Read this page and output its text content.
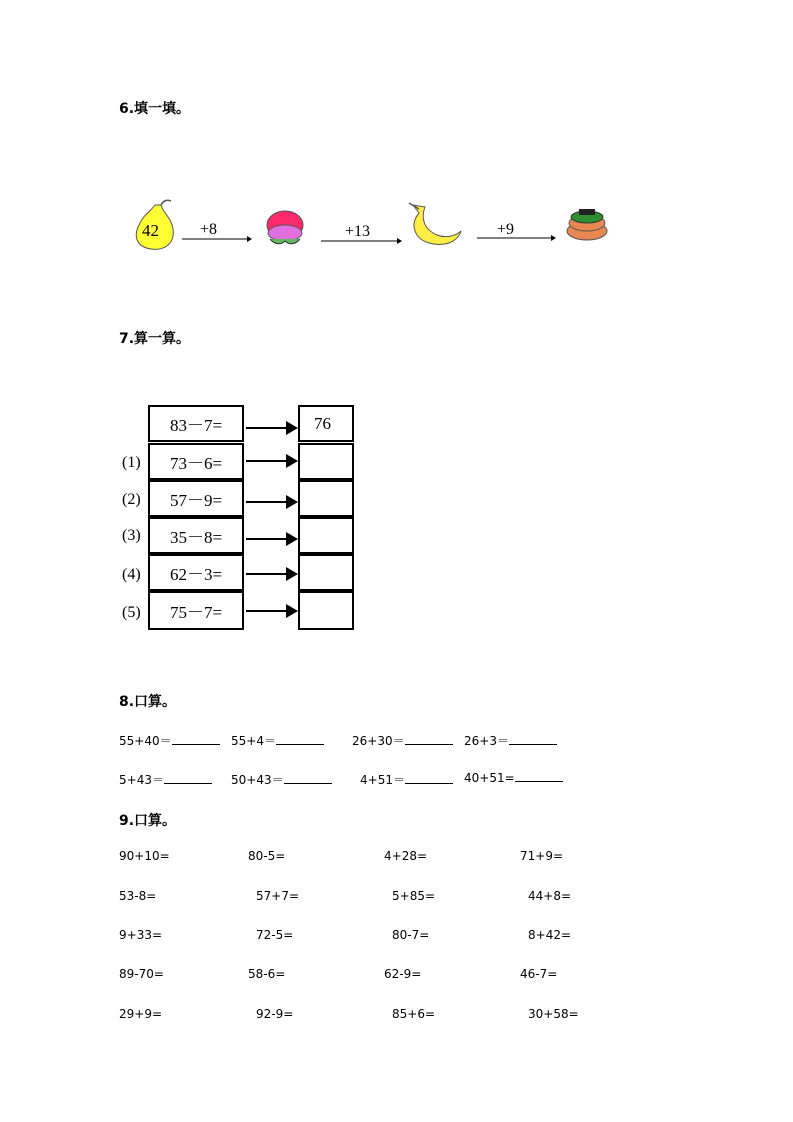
6.填一填。
42	+8	+13	+9
7.算一算。
83－7=	76
(1)	73－6=
(2)	57－9=
(3)	35－8=
(4)	62－3=
(5)	75－7=
8.口算。
55+40＝	55+4＝	26+30＝	26+3＝
5+43＝	50+43＝	4+51＝	40+51=
9.口算。
90+10=	80-5=	4+28=	71+9=
53-8=	57+7=	5+85=	44+8=
9+33=	72-5=	80-7=	8+42=
89-70=	58-6=	62-9=	46-7=
29+9=	92-9=	85+6=	30+58=
